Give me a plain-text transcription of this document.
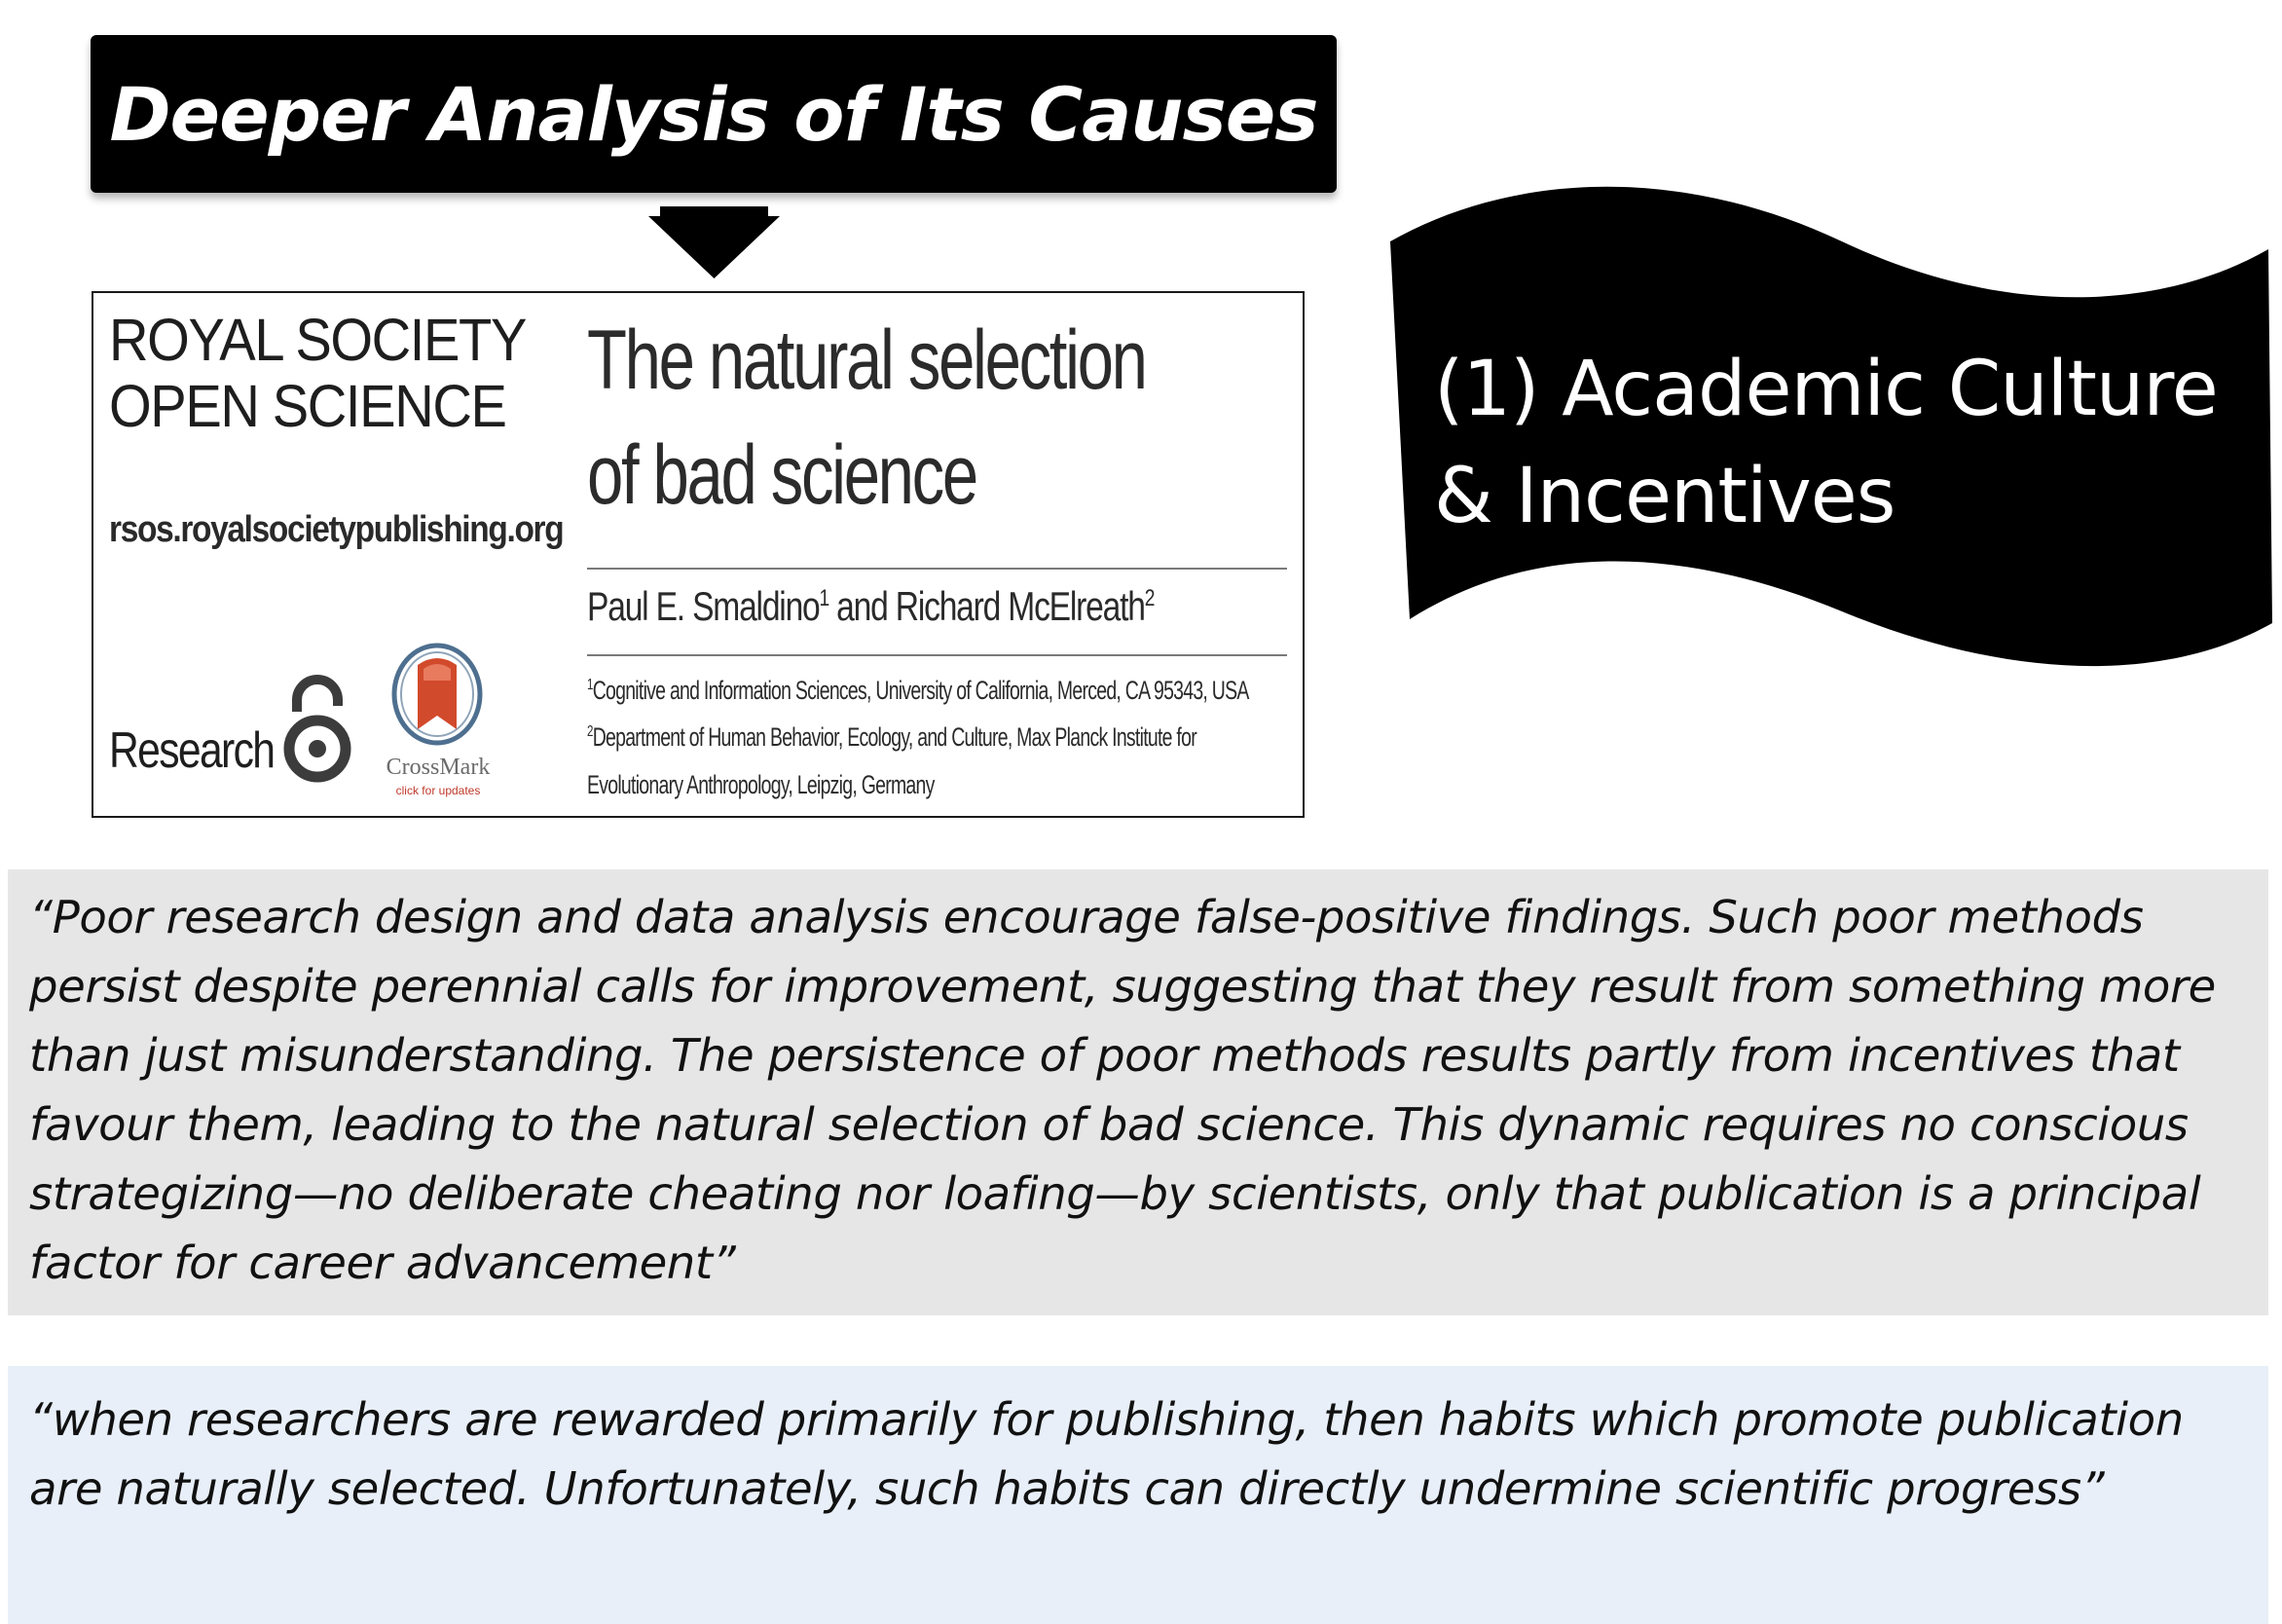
Deeper Analysis of Its Causes
ROYAL SOCIETY
OPEN SCIENCE
rsos.royalsocietypublishing.org
Research	CrossMark
click for updates
The natural selection
of bad science
Paul E. Smaldino$^1$ and Richard McElreath$^2$
$^1$Cognitive and Information Sciences, University of California, Merced, CA 95343, USA
$^2$Department of Human Behavior, Ecology, and Culture, Max Planck Institute for
Evolutionary Anthropology, Leipzig, Germany
(1) Academic Culture
& Incentives

“Poor research design and data analysis encourage false-positive findings. Such poor methods persist despite perennial calls for improvement, suggesting that they result from something more than just misunderstanding. The persistence of poor methods results partly from incentives that favour them, leading to the natural selection of bad science. This dynamic requires no conscious strategizing—no deliberate cheating nor loafing—by scientists, only that publication is a principal factor for career advancement”

“when researchers are rewarded primarily for publishing, then habits which promote publication are naturally selected. Unfortunately, such habits can directly undermine scientific progress”
